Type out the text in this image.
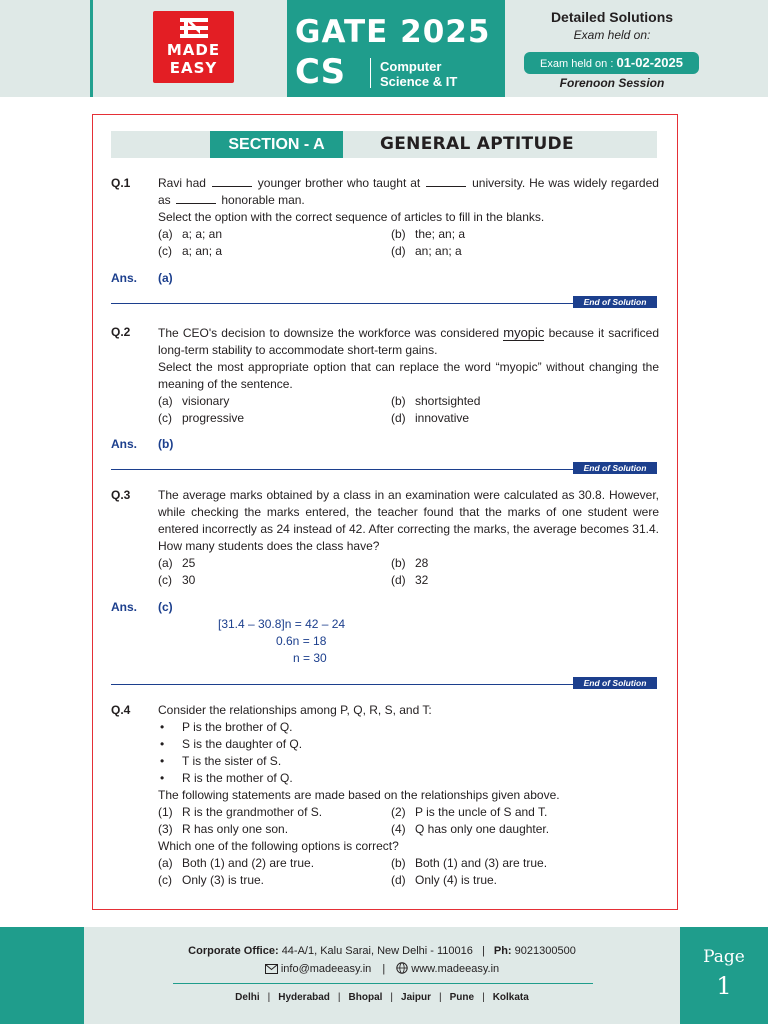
MADE
EASY
GATE 2025
CS	Computer
Science & IT
Detailed Solutions
Exam held on:
Exam held on : 01-02-2025
Forenoon Session
SECTION - A	GENERAL APTITUDE
Q.1 Ravi had	younger brother who taught at	university. He was widely regarded as	honorable man.

Select the option with the correct sequence of articles to fill in the blanks.

(a) a; a; an	(b) the; an; a
(c) a; an; a	(d) an; an; a
Ans. (a)
End of Solution
Q.2 The CEO's decision to downsize the workforce was considered myopic because it sacrificed long-term stability to accommodate short-term gains.

Select the most appropriate option that can replace the word “myopic” without changing the meaning of the sentence.

(a) visionary	(b) shortsighted
(c) progressive	(d) innovative
Ans. (b)
End of Solution
Q.3 The average marks obtained by a class in an examination were calculated as 30.8. However, while checking the marks entered, the teacher found that the marks of one student were entered incorrectly as 24 instead of 42. After correcting the marks, the average becomes 31.4. How many students does the class have?

(a) 25	(b) 28
(c) 30	(d) 32
Ans. (c)
[31.4 – 30.8]n = 42 – 24
0.6n = 18
n = 30
End of Solution
Q.4 Consider the relationships among P, Q, R, S, and T:

• P is the brother of Q.
• S is the daughter of Q.
• T is the sister of S.
• R is the mother of Q.

The following statements are made based on the relationships given above.

(1) R is the grandmother of S.	(2) P is the uncle of S and T.
(3) R has only one son.	(4) Q has only one daughter.

Which one of the following options is correct?

(a) Both (1) and (2) are true.	(b) Both (1) and (3) are true.
(c) Only (3) is true.	(d) Only (4) is true.
Page
1
Corporate Office: 44-A/1, Kalu Sarai, New Delhi - 110016 | Ph: 9021300500
info@madeeasy.in | www.madeeasy.in
Delhi | Hyderabad | Bhopal | Jaipur | Pune | Kolkata
